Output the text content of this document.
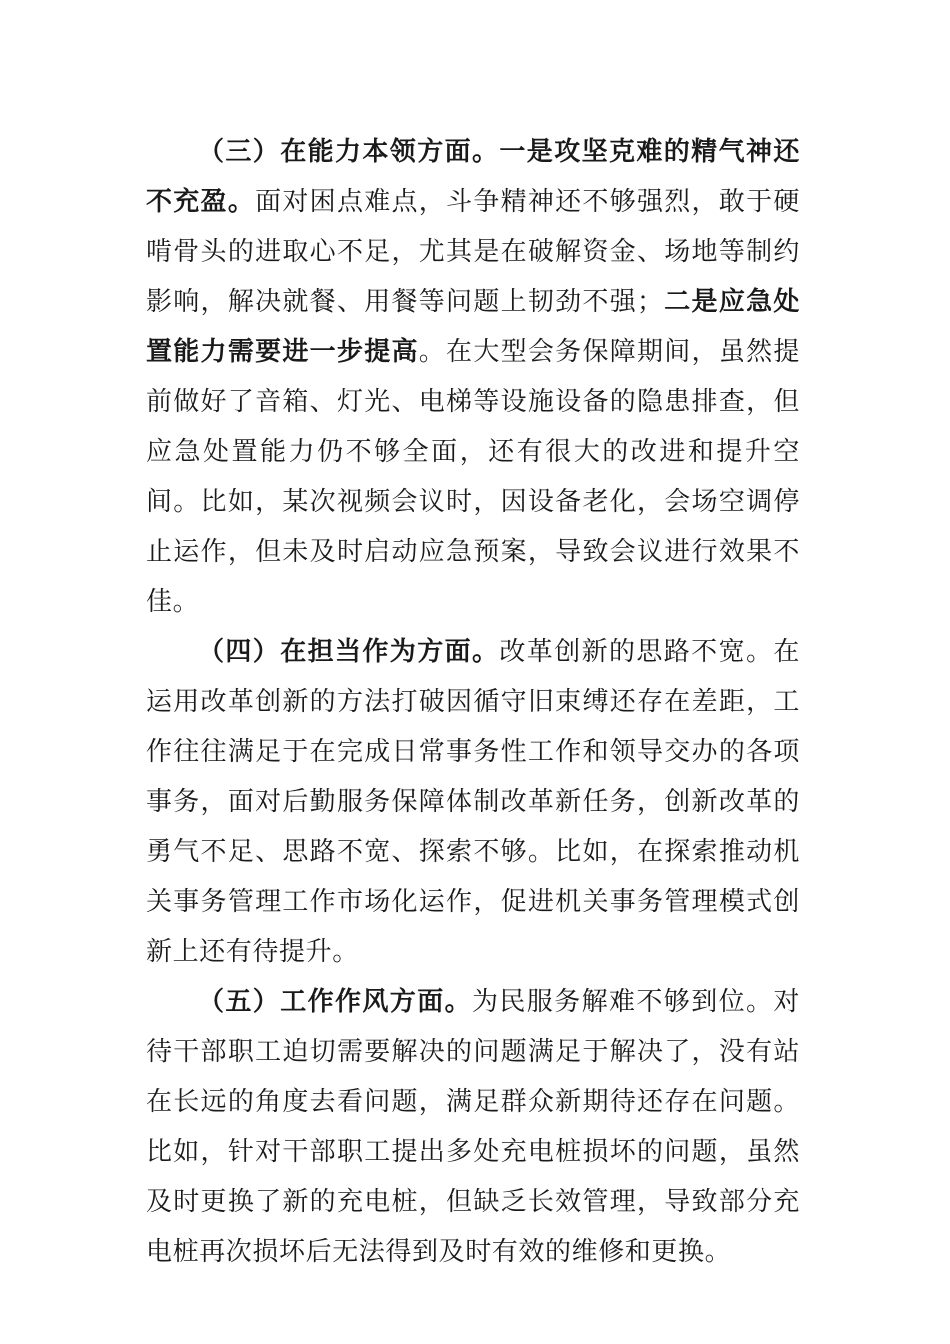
（三）在能力本领方面。一是攻坚克难的精气神还不充盈。面对困点难点，斗争精神还不够强烈，敢于硬啃骨头的进取心不足，尤其是在破解资金、场地等制约影响，解决就餐、用餐等问题上韧劲不强；二是应急处置能力需要进一步提高。在大型会务保障期间，虽然提前做好了音箱、灯光、电梯等设施设备的隐患排查，但应急处置能力仍不够全面，还有很大的改进和提升空间。比如，某次视频会议时，因设备老化，会场空调停止运作，但未及时启动应急预案，导致会议进行效果不佳。

（四）在担当作为方面。改革创新的思路不宽。在运用改革创新的方法打破因循守旧束缚还存在差距，工作往往满足于在完成日常事务性工作和领导交办的各项事务，面对后勤服务保障体制改革新任务，创新改革的勇气不足、思路不宽、探索不够。比如，在探索推动机关事务管理工作市场化运作，促进机关事务管理模式创新上还有待提升。

（五）工作作风方面。为民服务解难不够到位。对待干部职工迫切需要解决的问题满足于解决了，没有站在长远的角度去看问题，满足群众新期待还存在问题。比如，针对干部职工提出多处充电桩损坏的问题，虽然及时更换了新的充电桩，但缺乏长效管理，导致部分充电桩再次损坏后无法得到及时有效的维修和更换。
